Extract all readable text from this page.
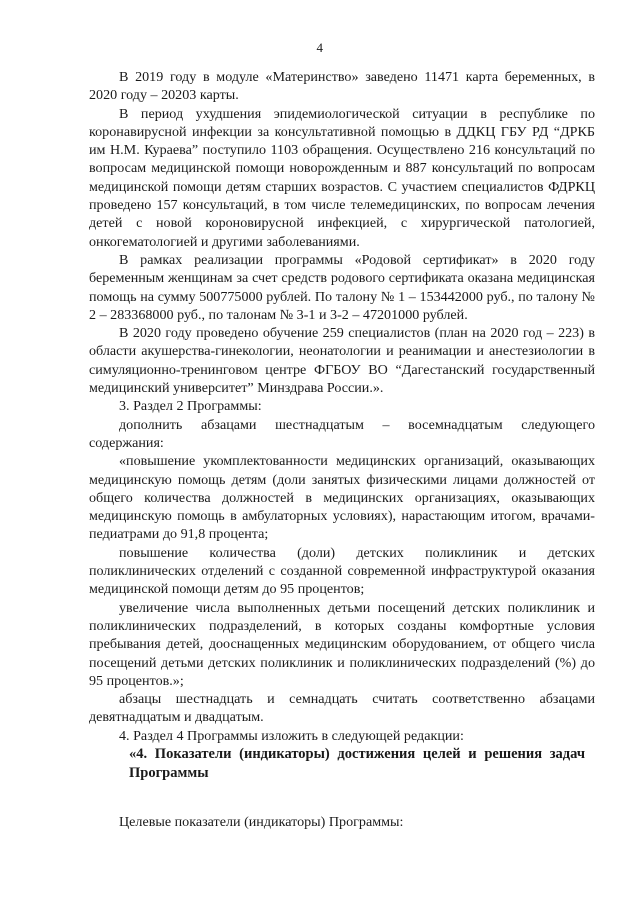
4

В 2019 году в модуле «Материнство» заведено 11471 карта беременных, в 2020 году – 20203 карты.

В период ухудшения эпидемиологической ситуации в республике по коронавирусной инфекции за консультативной помощью в ДДКЦ ГБУ РД “ДРКБ им Н.М. Кураева” поступило 1103 обращения. Осуществлено 216 консультаций по вопросам медицинской помощи новорожденным и 887 консультаций по вопросам медицинской помощи детям старших возрастов. С участием специалистов ФДРКЦ проведено 157 консультаций, в том числе телемедицинских, по вопросам лечения детей с новой короновирусной инфекцией, с хирургической патологией, онкогематологией и другими заболеваниями.

В рамках реализации программы «Родовой сертификат» в 2020 году беременным женщинам за счет средств родового сертификата оказана медицинская помощь на сумму 500775000 рублей. По талону № 1 – 153442000 руб., по талону № 2 – 283368000 руб., по талонам № 3-1 и 3-2 – 47201000 рублей.

В 2020 году проведено обучение 259 специалистов (план на 2020 год – 223) в области акушерства-гинекологии, неонатологии и реанимации и анестезиологии в симуляционно-тренинговом центре ФГБОУ ВО “Дагестанский государственный медицинский университет” Минздрава России.».

3. Раздел 2 Программы:

дополнить абзацами шестнадцатым – восемнадцатым следующего содержания:

«повышение укомплектованности медицинских организаций, оказывающих медицинскую помощь детям (доли занятых физическими лицами должностей от общего количества должностей в медицинских организациях, оказывающих медицинскую помощь в амбулаторных условиях), нарастающим итогом, врачами-педиатрами до 91,8 процента;

повышение количества (доли) детских поликлиник и детских поликлинических отделений с созданной современной инфраструктурой оказания медицинской помощи детям до 95 процентов;

увеличение числа выполненных детьми посещений детских поликлиник и поликлинических подразделений, в которых созданы комфортные условия пребывания детей, дооснащенных медицинским оборудованием, от общего числа посещений детьми детских поликлиник и поликлинических подразделений (%) до 95 процентов.»;

абзацы шестнадцать и семнадцать считать соответственно абзацами девятнадцатым и двадцатым.

4. Раздел 4 Программы изложить в следующей редакции:

«4. Показатели (индикаторы) достижения целей и решения задач Программы

Целевые показатели (индикаторы) Программы:
